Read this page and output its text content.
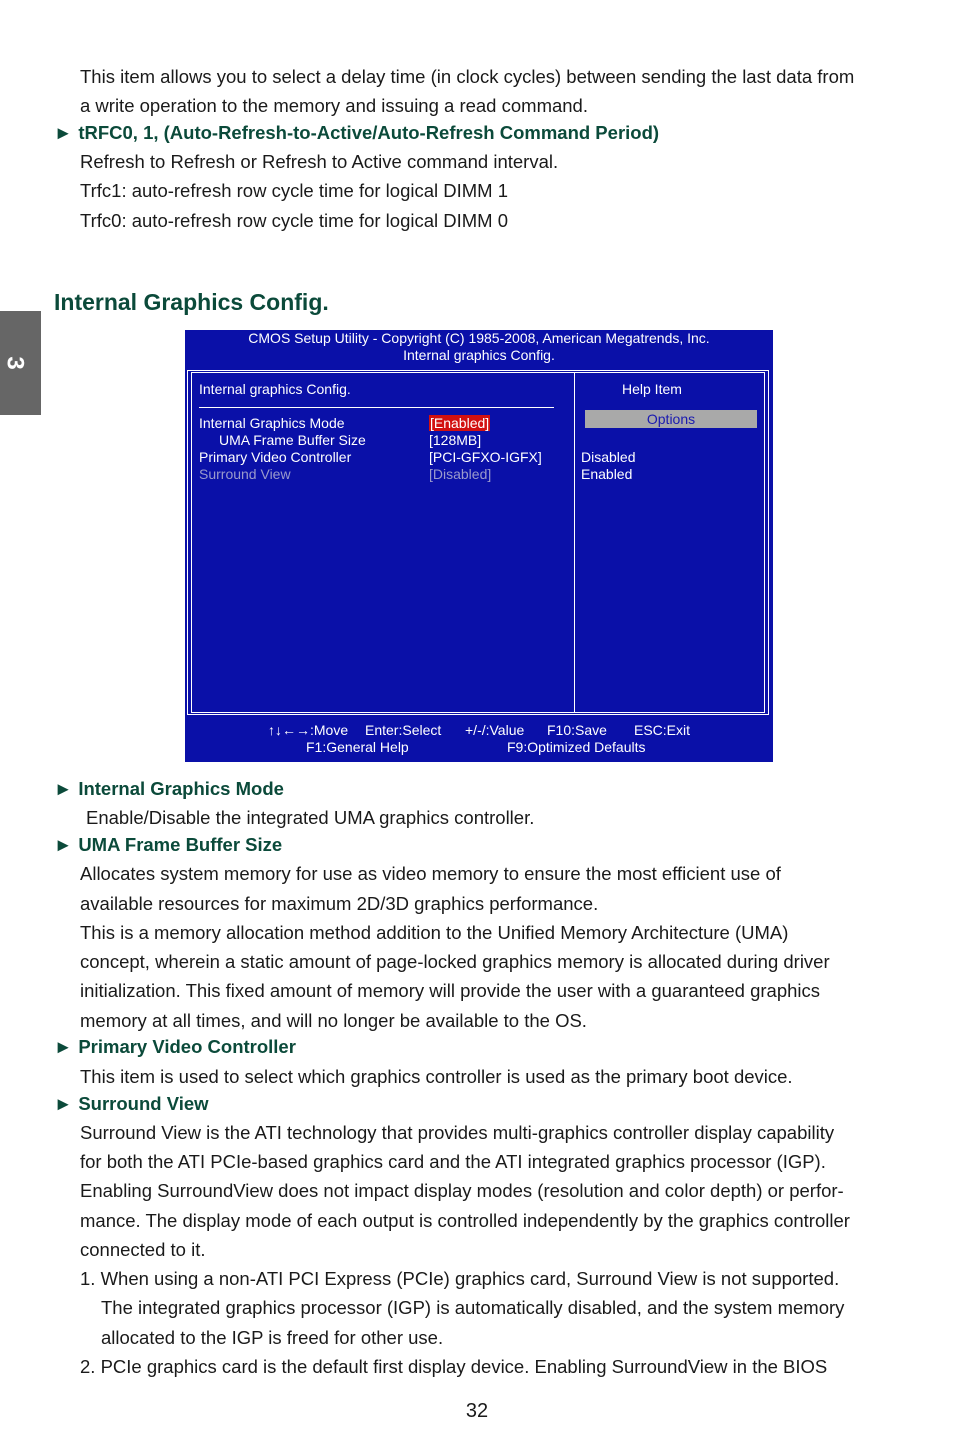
This item allows you to select a delay time (in clock cycles) between sending the last data from
a write operation to the memory and issuing a read command.
► tRFC0, 1, (Auto-Refresh-to-Active/Auto-Refresh Command Period)
Refresh to Refresh or Refresh to Active command interval.
Trfc1: auto-refresh row cycle time for logical DIMM 1
Trfc0: auto-refresh row cycle time for logical DIMM 0
3
Internal Graphics Config.
CMOS Setup Utility - Copyright (C) 1985-2008, American Megatrends, Inc.
Internal graphics Config.
Internal graphics Config.	Help Item
Internal Graphics Mode	[Enabled]
UMA Frame Buffer Size	[128MB]
Primary Video Controller	[PCI-GFXO-IGFX]
Surround View	[Disabled]
Options
Disabled
Enabled
↑↓←→:Move Enter:Select +/-/:Value F10:Save ESC:Exit
F1:General Help	F9:Optimized Defaults
► Internal Graphics Mode
Enable/Disable the integrated UMA graphics controller.
► UMA Frame Buffer Size
Allocates system memory for use as video memory to ensure the most efficient use of
available resources for maximum 2D/3D graphics performance.
This is a memory allocation method addition to the Unified Memory Architecture (UMA)
concept, wherein a static amount of page-locked graphics memory is allocated during driver
initialization. This fixed amount of memory will provide the user with a guaranteed graphics
memory at all times, and will no longer be available to the OS.
► Primary Video Controller
This item is used to select which graphics controller is used as the primary boot device.
► Surround View
Surround View is the ATI technology that provides multi-graphics controller display capability
for both the ATI PCIe-based graphics card and the ATI integrated graphics processor (IGP).
Enabling SurroundView does not impact display modes (resolution and color depth) or perfor-
mance. The display mode of each output is controlled independently by the graphics controller
connected to it.
1. When using a non-ATI PCI Express (PCIe) graphics card, Surround View is not supported.
The integrated graphics processor (IGP) is automatically disabled, and the system memory
allocated to the IGP is freed for other use.
2. PCIe graphics card is the default first display device. Enabling SurroundView in the BIOS
32
